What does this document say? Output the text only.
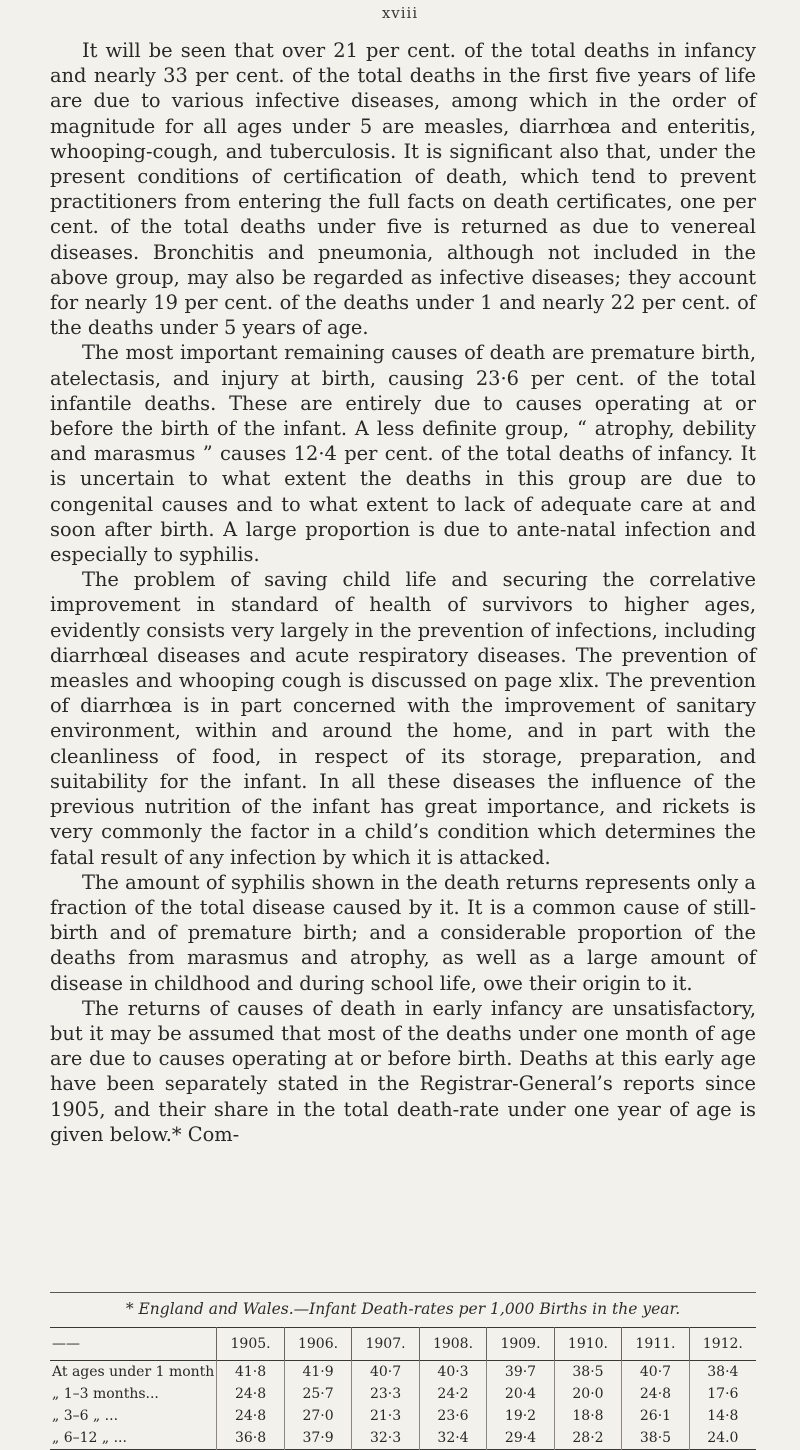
xviii

It will be seen that over 21 per cent. of the total deaths in infancy and nearly 33 per cent. of the total deaths in the first five years of life are due to various infective diseases, among which in the order of magnitude for all ages under 5 are measles, diarrhœa and enteritis, whooping-cough, and tuberculosis. It is significant also that, under the present conditions of certification of death, which tend to prevent practitioners from entering the full facts on death certificates, one per cent. of the total deaths under five is returned as due to venereal diseases. Bronchitis and pneumonia, although not included in the above group, may also be regarded as infective diseases; they account for nearly 19 per cent. of the deaths under 1 and nearly 22 per cent. of the deaths under 5 years of age.

The most important remaining causes of death are premature birth, atelectasis, and injury at birth, causing 23·6 per cent. of the total infantile deaths. These are entirely due to causes operating at or before the birth of the infant. A less definite group, “ atrophy, debility and marasmus ” causes 12·4 per cent. of the total deaths of infancy. It is uncertain to what extent the deaths in this group are due to congenital causes and to what extent to lack of adequate care at and soon after birth. A large proportion is due to ante-natal infection and especially to syphilis.

The problem of saving child life and securing the correlative improvement in standard of health of survivors to higher ages, evidently consists very largely in the prevention of infections, including diarrhœal diseases and acute respiratory diseases. The prevention of measles and whooping cough is discussed on page xlix. The prevention of diarrhœa is in part concerned with the improvement of sanitary environment, within and around the home, and in part with the cleanliness of food, in respect of its storage, preparation, and suitability for the infant. In all these diseases the influence of the previous nutrition of the infant has great importance, and rickets is very commonly the factor in a child’s condition which determines the fatal result of any infection by which it is attacked.

The amount of syphilis shown in the death returns represents only a fraction of the total disease caused by it. It is a common cause of still-birth and of premature birth; and a considerable proportion of the deaths from marasmus and atrophy, as well as a large amount of disease in childhood and during school life, owe their origin to it.

The returns of causes of death in early infancy are unsatisfactory, but it may be assumed that most of the deaths under one month of age are due to causes operating at or before birth. Deaths at this early age have been separately stated in the Registrar-General’s reports since 1905, and their share in the total death-rate under one year of age is given below.* Com-

* England and Wales.—Infant Death-rates per 1,000 Births in the year.
——	1905.	1906.	1907.	1908.	1909.	1910.	1911.	1912.
At ages under 1 month	41·8	41·9	40·7	40·3	39·7	38·5	40·7	38·4
„ 1–3 months...	24·8	25·7	23·3	24·2	20·4	20·0	24·8	17·6
„ 3–6 „ ...	24·8	27·0	21·3	23·6	19·2	18·8	26·1	14·8
„ 6–12 „ ...	36·8	37·9	32·3	32·4	29·4	28·2	38·5	24.0
